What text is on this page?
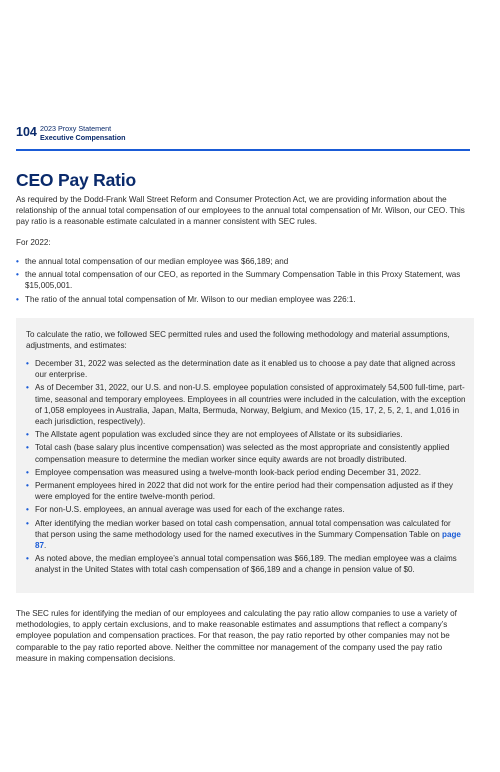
104 2023 Proxy Statement
Executive Compensation
CEO Pay Ratio

As required by the Dodd-Frank Wall Street Reform and Consumer Protection Act, we are providing information about the relationship of the annual total compensation of our employees to the annual total compensation of Mr. Wilson, our CEO. This pay ratio is a reasonable estimate calculated in a manner consistent with SEC rules.

For 2022:

• the annual total compensation of our median employee was $66,189; and
• the annual total compensation of our CEO, as reported in the Summary Compensation Table in this Proxy Statement, was $15,005,001.
• The ratio of the annual total compensation of Mr. Wilson to our median employee was 226:1.

To calculate the ratio, we followed SEC permitted rules and used the following methodology and material assumptions, adjustments, and estimates:

• December 31, 2022 was selected as the determination date as it enabled us to choose a pay date that aligned across our enterprise.
• As of December 31, 2022, our U.S. and non-U.S. employee population consisted of approximately 54,500 full-time, part-time, seasonal and temporary employees. Employees in all countries were included in the calculation, with the exception of 1,058 employees in Australia, Japan, Malta, Bermuda, Norway, Belgium, and Mexico (15, 17, 2, 5, 2, 1, and 1,016 in each jurisdiction, respectively).
• The Allstate agent population was excluded since they are not employees of Allstate or its subsidiaries.
• Total cash (base salary plus incentive compensation) was selected as the most appropriate and consistently applied compensation measure to determine the median worker since equity awards are not broadly distributed.
• Employee compensation was measured using a twelve-month look-back period ending December 31, 2022.
• Permanent employees hired in 2022 that did not work for the entire period had their compensation adjusted as if they were employed for the entire twelve-month period.
• For non-U.S. employees, an annual average was used for each of the exchange rates.
• After identifying the median worker based on total cash compensation, annual total compensation was calculated for that person using the same methodology used for the named executives in the Summary Compensation Table on page 87.
• As noted above, the median employee’s annual total compensation was $66,189. The median employee was a claims analyst in the United States with total cash compensation of $66,189 and a change in pension value of $0.

The SEC rules for identifying the median of our employees and calculating the pay ratio allow companies to use a variety of methodologies, to apply certain exclusions, and to make reasonable estimates and assumptions that reflect a company’s employee population and compensation practices. For that reason, the pay ratio reported by other companies may not be comparable to the pay ratio reported above. Neither the committee nor management of the company used the pay ratio measure in making compensation decisions.
